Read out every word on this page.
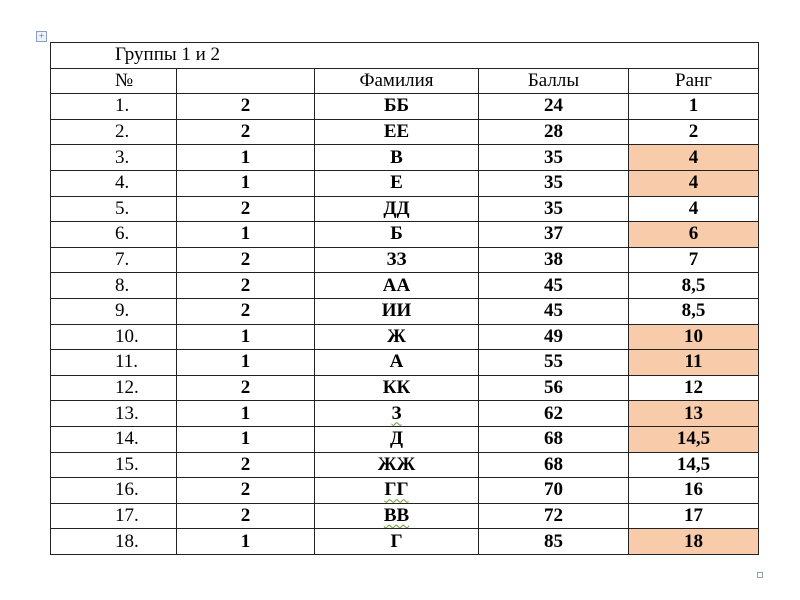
+
Группы 1 и 2				
№		Фамилия	Баллы	Ранг
1.	2	ББ	24	1
2.	2	ЕЕ	28	2
3.	1	В	35	4
4.	1	Е	35	4
5.	2	ДД	35	4
6.	1	Б	37	6
7.	2	ЗЗ	38	7
8.	2	АА	45	8,5
9.	2	ИИ	45	8,5
10.	1	Ж	49	10
11.	1	А	55	11
12.	2	КК	56	12
13.	1	З	62	13
14.	1	Д	68	14,5
15.	2	ЖЖ	68	14,5
16.	2	ГГ	70	16
17.	2	ВВ	72	17
18.	1	Г	85	18
